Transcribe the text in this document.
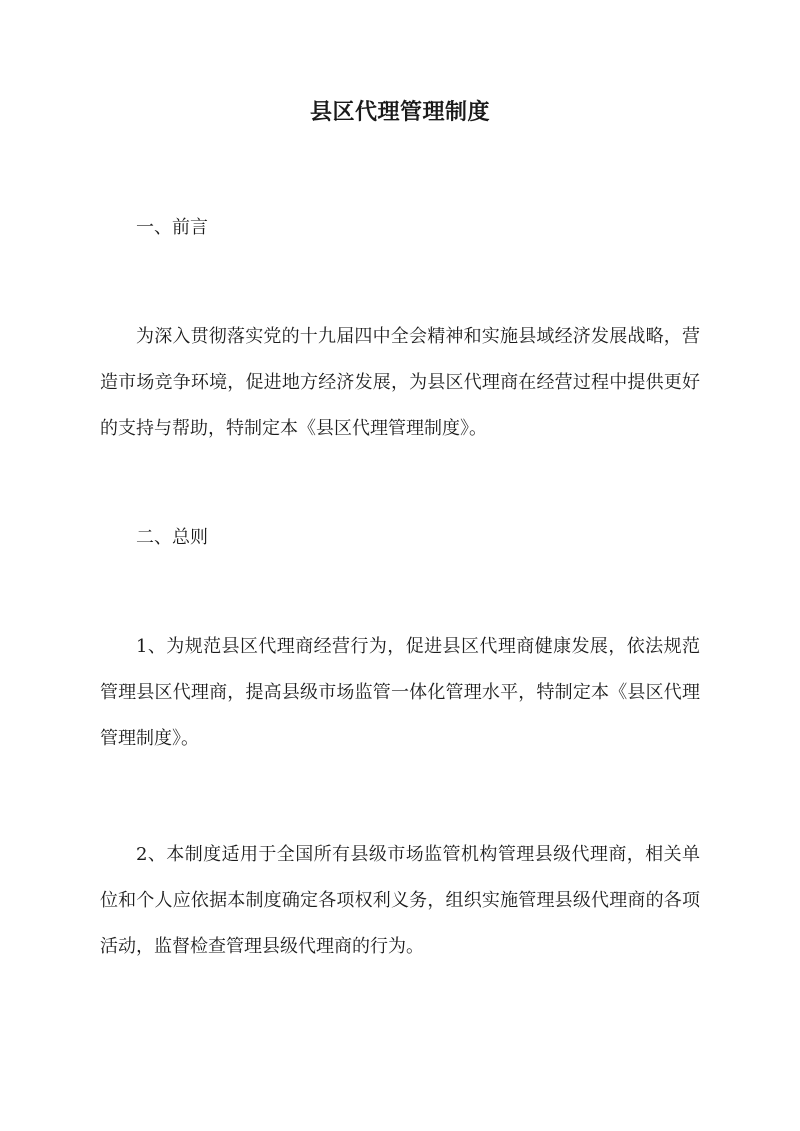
县区代理管理制度
一、前言
为深入贯彻落实党的十九届四中全会精神和实施县域经济发展战略，营造市场竞争环境，促进地方经济发展，为县区代理商在经营过程中提供更好的支持与帮助，特制定本《县区代理管理制度》。
二、总则
1、为规范县区代理商经营行为，促进县区代理商健康发展，依法规范管理县区代理商，提高县级市场监管一体化管理水平，特制定本《县区代理管理制度》。
2、本制度适用于全国所有县级市场监管机构管理县级代理商，相关单位和个人应依据本制度确定各项权利义务，组织实施管理县级代理商的各项活动，监督检查管理县级代理商的行为。
